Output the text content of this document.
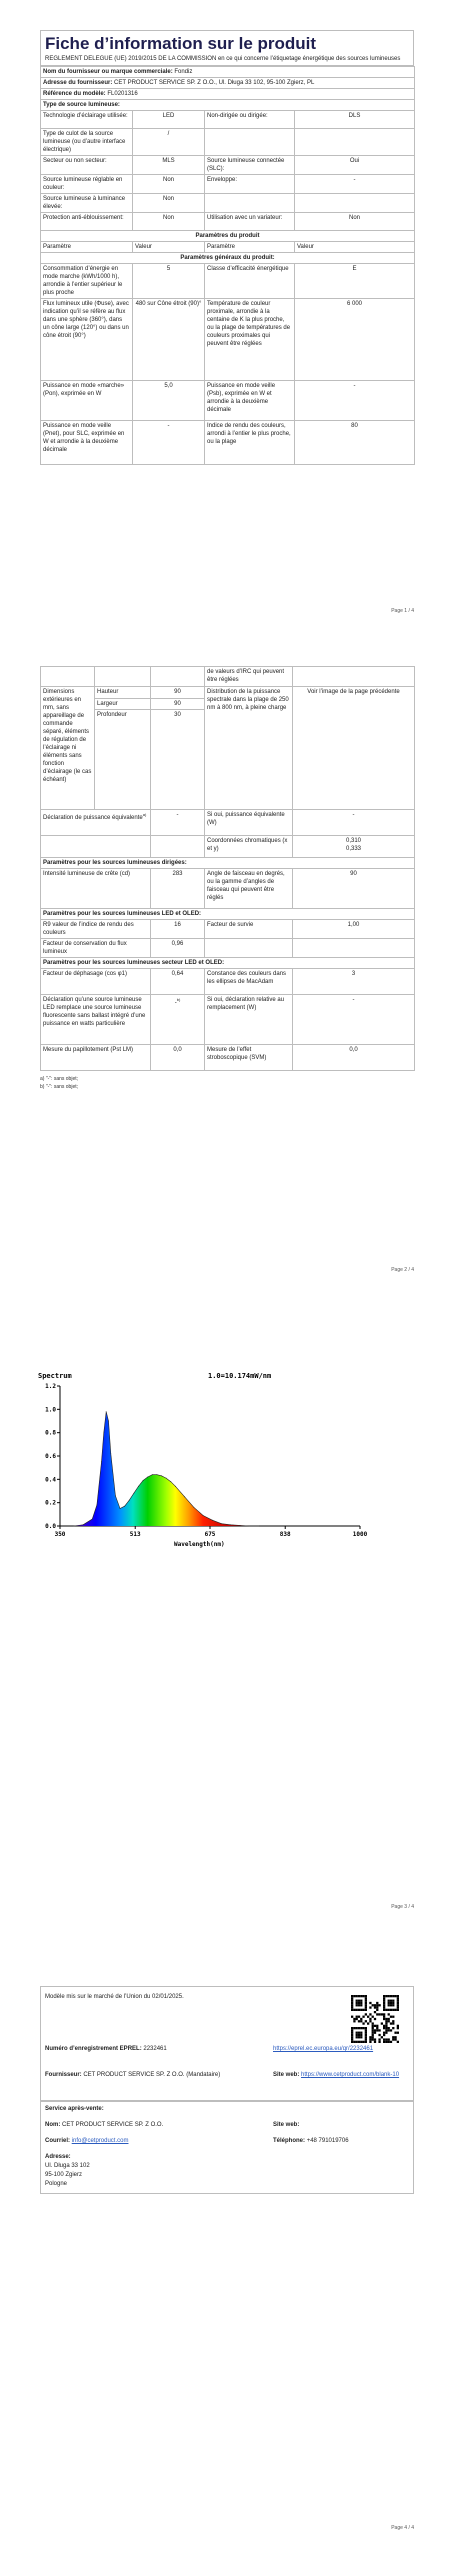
Fiche d’information sur le produit
REGLEMENT DELEGUE (UE) 2019/2015 DE LA COMMISSION en ce qui concerne l’étiquetage énergétique des sources lumineuses
Nom du fournisseur ou marque commerciale: Fondiz			
Adresse du fournisseur: CET PRODUCT SERVICE SP. Z O.O., Ul. Długa 33 102, 95-100 Zgierz, PL			
Référence du modèle: FL0201316			
Type de source lumineuse:			
Technologie d’éclairage utilisée:	LED	Non-dirigée ou dirigée:	DLS
Type de culot de la source lumineuse (ou d’autre interface électrique)	/		
Secteur ou non secteur:	MLS	Source lumineuse connectée (SLC):	Oui
Source lumineuse réglable en couleur:	Non	Enveloppe:	-
Source lumineuse à luminance élevée:	Non		
Protection anti-éblouissement:	Non	Utilisation avec un variateur:	Non
Paramètres du produit			
Paramètre	Valeur	Paramètre	Valeur
Paramètres généraux du produit:			
Consommation d’énergie en mode marche (kWh/1000 h), arrondie à l’entier supérieur le plus proche	5	Classe d’efficacité énergétique	E
Flux lumineux utile (Φuse), avec indication qu’il se réfère au flux dans une sphère (360°), dans un cône large (120°) ou dans un cône étroit (90°)	480 sur Cône étroit (90)°	Température de couleur proximale, arrondie à la centaine de K la plus proche, ou la plage de températures de couleurs proximales qui peuvent être réglées	6 000
Puissance en mode «marche» (Pon), exprimée en W	5,0	Puissance en mode veille (Psb), exprimée en W et arrondie à la deuxième décimale	-
Puissance en mode veille (Pnet), pour SLC, exprimée en W et arrondie à la deuxième décimale	-	Indice de rendu des couleurs, arrondi à l’entier le plus proche, ou la plage	80
Page 1 / 4
			de valeurs d’IRC qui peuvent être réglées	
Dimensions extérieures en mm, sans appareillage de commande séparé, éléments de régulation de l’éclairage ni éléments sans fonction d’éclairage (le cas échéant)	Hauteur	90	Distribution de la puissance spectrale dans la plage de 250 nm à 800 nm, à pleine charge	Voir l’image de la page précédente
	Largeur	90		
	Profondeur	30		
Déclaration de puissance équivalente$^{a)}$		-	Si oui, puissance équivalente (W)	-
			Coordonnées chromatiques (x et y)	0,310
0,333
Paramètres pour les sources lumineuses dirigées:				
Intensité lumineuse de crête (cd)		283	Angle de faisceau en degrés, ou la gamme d’angles de faisceau qui peuvent être réglés	90
Paramètres pour les sources lumineuses LED et OLED:				
R9 valeur de l’indice de rendu des couleurs		16	Facteur de survie	1,00
Facteur de conservation du flux lumineux		0,96		
Paramètres pour les sources lumineuses secteur LED et OLED:				
Facteur de déphasage (cos φ1)		0,64	Constance des couleurs dans les ellipses de MacAdam	3
Déclaration qu’une source lumineuse LED remplace une source lumineuse fluorescente sans ballast intégré d’une puissance en watts particulière		-$^{b)}$	Si oui, déclaration relative au remplacement (W)	-
Mesure du papillotement (Pst LM)		0,0	Mesure de l’effet stroboscopique (SVM)	0,0
a) "-": sans objet;
b) "-": sans objet;
Page 2 / 4
Spectrum	1.0=10.174mW/nm
Wavelength(nm)
0.0
0.2
0.4
0.6
0.8
1.0
1.2
350	513	675	838	1000
Page 3 / 4
Modèle mis sur le marché de l’Union du 02/01/2025.
Numéro d’enregistrement EPREL: 2232461	https://eprel.ec.europa.eu/qr/2232461
Fournisseur: CET PRODUCT SERVICE SP. Z O.O. (Mandataire)	Site web: https://www.cetproduct.com/blank-10
Service après-vente:
Nom: CET PRODUCT SERVICE SP. Z O.O.	Site web:
Courriel: info@cetproduct.com	Téléphone: +48 791019706
Adresse:
Ul. Długa 33 102
95-100 Zgierz
Pologne
Page 4 / 4
